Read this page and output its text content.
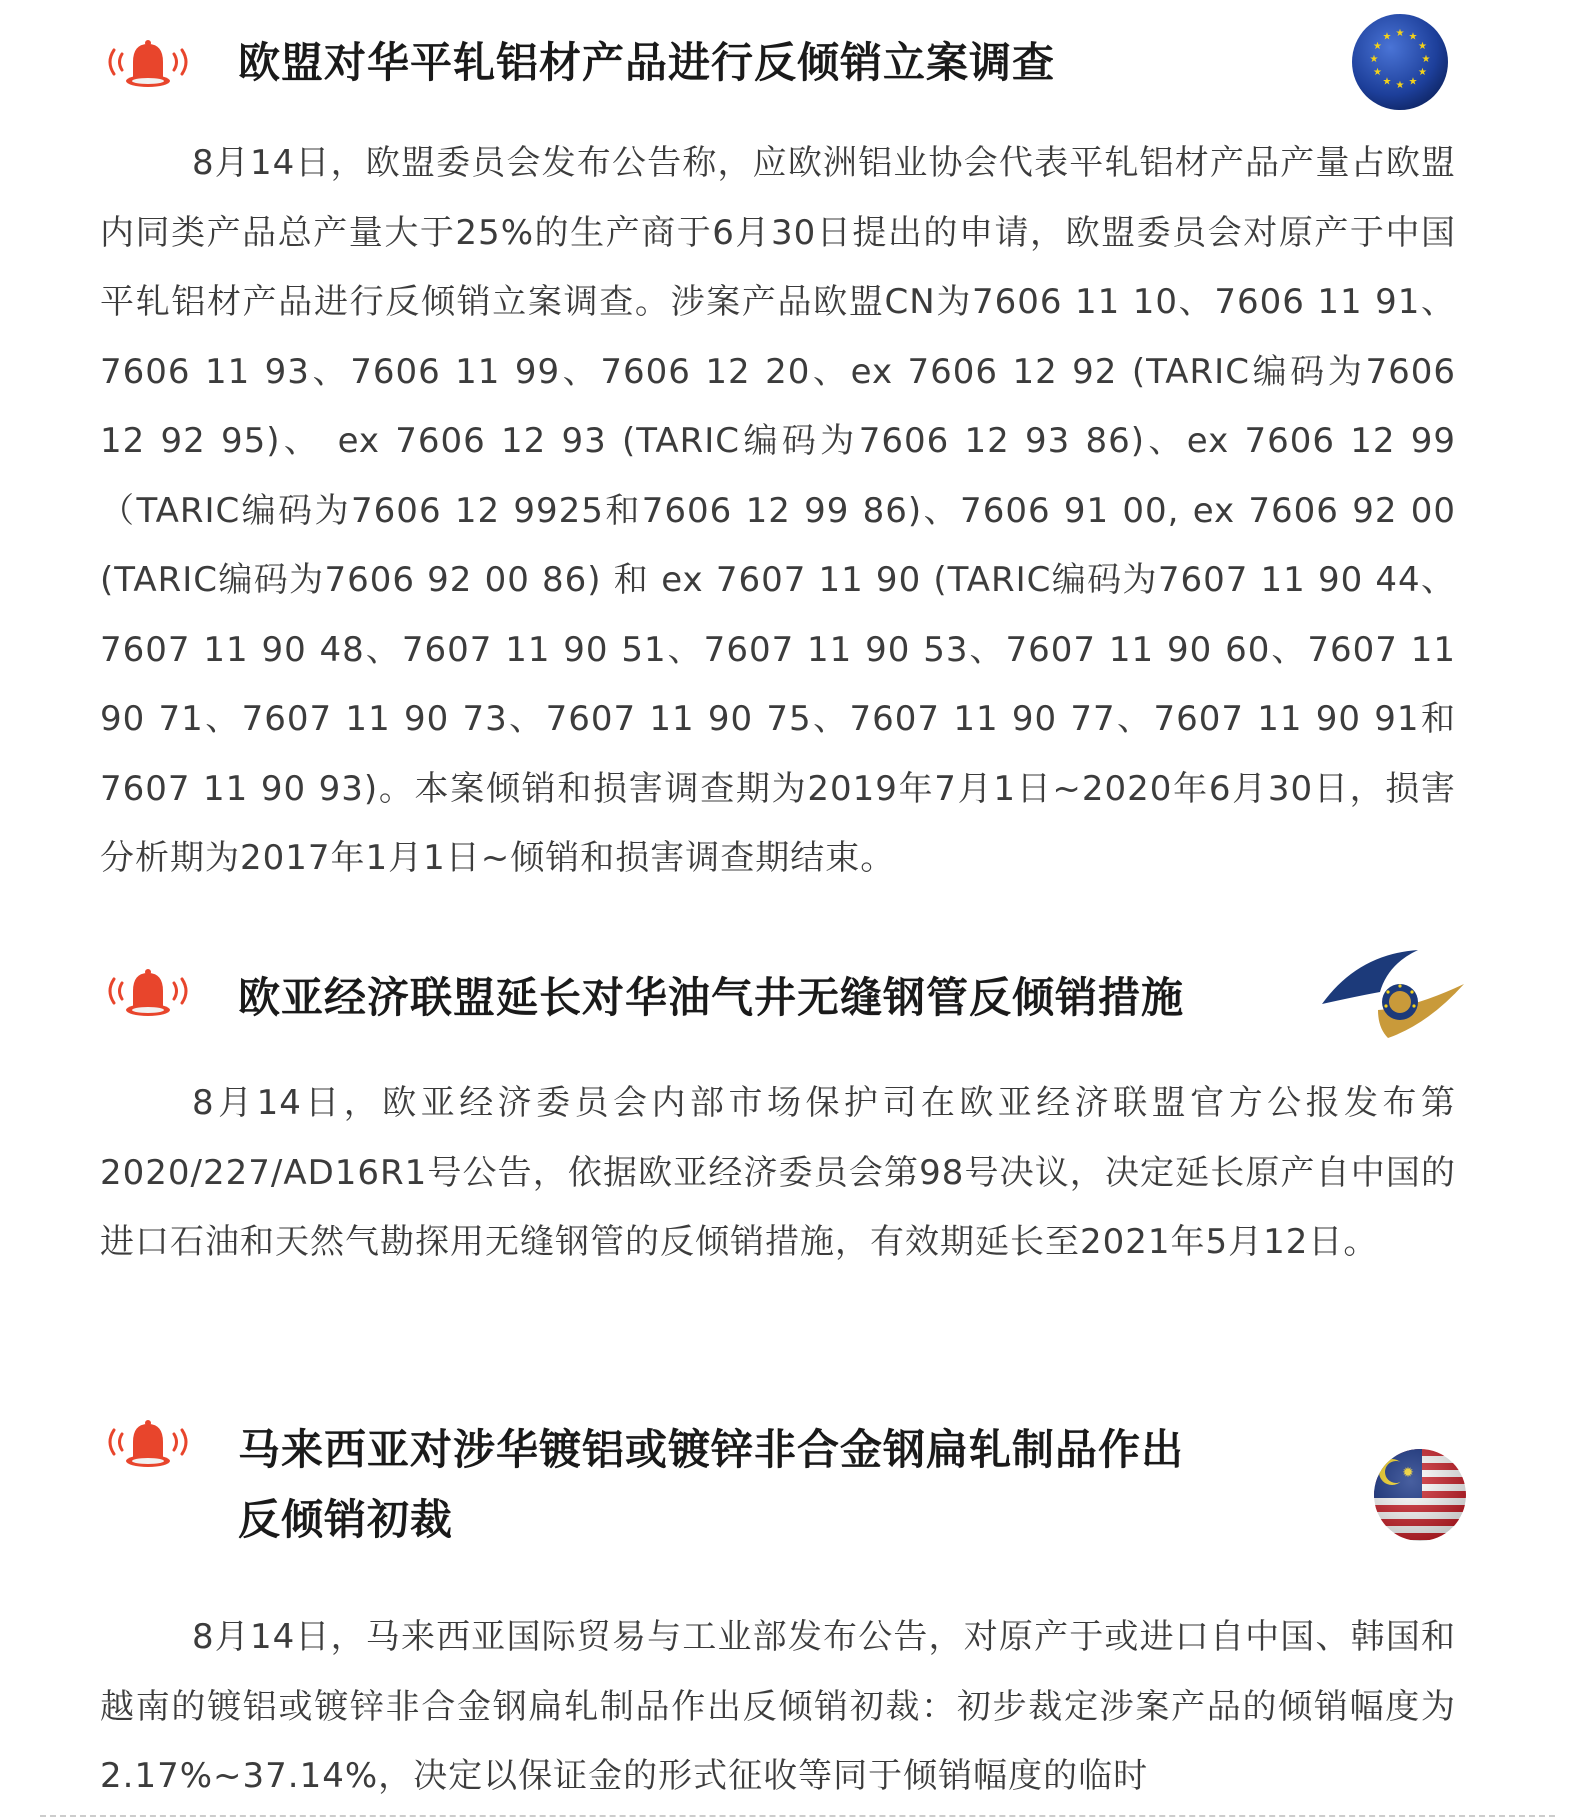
欧盟对华平轧铝材产品进行反倾销立案调查
★ ★
★
★
★
★
★
★
★
★
★
★

8月14日，欧盟委员会发布公告称，应欧洲铝业协会代表平轧铝材产品产量占欧盟内同类产品总产量大于25%的生产商于6月30日提出的申请，欧盟委员会对原产于中国平轧铝材产品进行反倾销立案调查。涉案产品欧盟CN为7606 11 10、7606 11 91、7606 11 93、7606 11 99、7606 12 20、ex 7606 12 92 (TARIC编码为7606 12 92 95)、 ex 7606 12 93 (TARIC编码为7606 12 93 86)、ex 7606 12 99 （TARIC编码为7606 12 9925和7606 12 99 86)、7606 91 00, ex 7606 92 00 (TARIC编码为7606 92 00 86) 和 ex 7607 11 90 (TARIC编码为7607 11 90 44、7607 11 90 48、7607 11 90 51、7607 11 90 53、7607 11 90 60、7607 11 90 71、7607 11 90 73、7607 11 90 75、7607 11 90 77、7607 11 90 91和7607 11 90 93)。本案倾销和损害调查期为2019年7月1日~2020年6月30日，损害分析期为2017年1月1日~倾销和损害调查期结束。

欧亚经济联盟延长对华油气井无缝钢管反倾销措施

8月14日，欧亚经济委员会内部市场保护司在欧亚经济联盟官方公报发布第2020/227/AD16R1号公告，依据欧亚经济委员会第98号决议，决定延长原产自中国的进口石油和天然气勘探用无缝钢管的反倾销措施，有效期延长至2021年5月12日。

马来西亚对涉华镀铝或镀锌非合金钢扁轧制品作出
反倾销初裁

8月14日，马来西亚国际贸易与工业部发布公告，对原产于或进口自中国、韩国和越南的镀铝或镀锌非合金钢扁轧制品作出反倾销初裁：初步裁定涉案产品的倾销幅度为2.17%~37.14%，决定以保证金的形式征收等同于倾销幅度的临时
